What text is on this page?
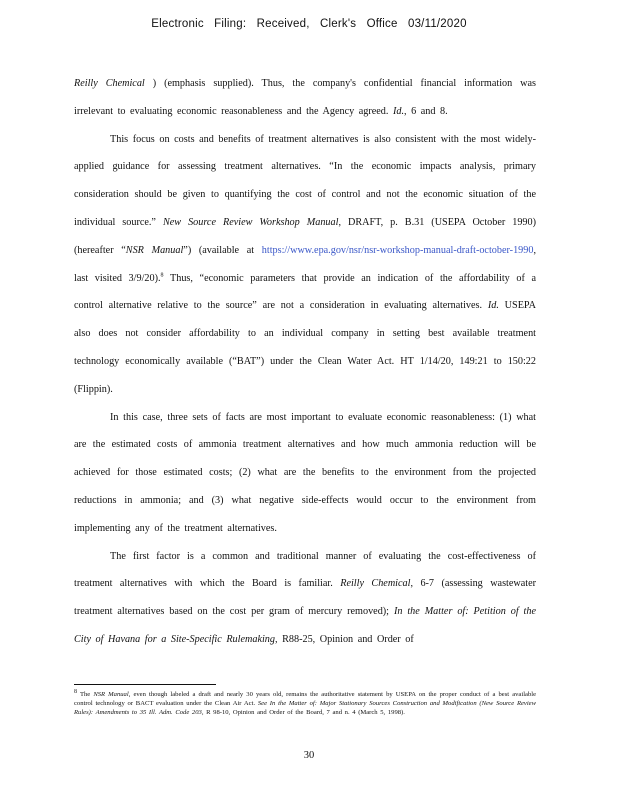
Electronic Filing: Received, Clerk's Office 03/11/2020

Reilly Chemical ) (emphasis supplied). Thus, the company's confidential financial information was irrelevant to evaluating economic reasonableness and the Agency agreed. Id., 6 and 8.

This focus on costs and benefits of treatment alternatives is also consistent with the most widely-applied guidance for assessing treatment alternatives. “In the economic impacts analysis, primary consideration should be given to quantifying the cost of control and not the economic situation of the individual source.” New Source Review Workshop Manual, DRAFT, p. B.31 (USEPA October 1990) (hereafter “NSR Manual”) (available at https://www.epa.gov/nsr/nsr-workshop-manual-draft-october-1990, last visited 3/9/20).$^8$ Thus, “economic parameters that provide an indication of the affordability of a control alternative relative to the source” are not a consideration in evaluating alternatives. Id. USEPA also does not consider affordability to an individual company in setting best available treatment technology economically available (“BAT”) under the Clean Water Act. HT 1/14/20, 149:21 to 150:22 (Flippin).

In this case, three sets of facts are most important to evaluate economic reasonableness: (1) what are the estimated costs of ammonia treatment alternatives and how much ammonia reduction will be achieved for those estimated costs; (2) what are the benefits to the environment from the projected reductions in ammonia; and (3) what negative side-effects would occur to the environment from implementing any of the treatment alternatives.

The first factor is a common and traditional manner of evaluating the cost-effectiveness of treatment alternatives with which the Board is familiar. Reilly Chemical, 6-7 (assessing wastewater treatment alternatives based on the cost per gram of mercury removed); In the Matter of: Petition of the City of Havana for a Site-Specific Rulemaking, R88-25, Opinion and Order of

$^8$ The NSR Manual, even though labeled a draft and nearly 30 years old, remains the authoritative statement by USEPA on the proper conduct of a best available control technology or BACT evaluation under the Clean Air Act. See In the Matter of: Major Stationary Sources Construction and Modification (New Source Review Rules): Amendments to 35 Ill. Adm. Code 203, R 98-10, Opinion and Order of the Board, 7 and n. 4 (March 5, 1998).

30
